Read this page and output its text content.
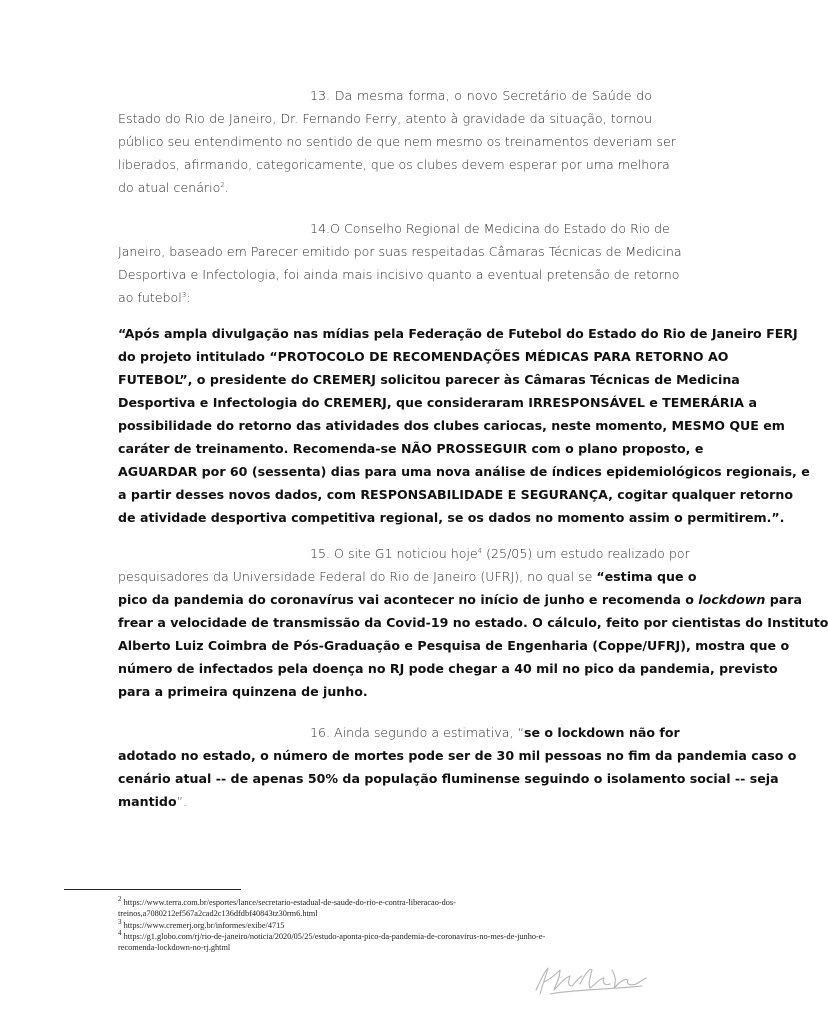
13. Da mesma forma, o novo Secretário de Saúde do
Estado do Rio de Janeiro, Dr. Fernando Ferry, atento à gravidade da situação, tornou
público seu entendimento no sentido de que nem mesmo os treinamentos deveriam ser
liberados, afirmando, categoricamente, que os clubes devem esperar por uma melhora
do atual cenário$^2$.
14.O Conselho Regional de Medicina do Estado do Rio de
Janeiro, baseado em Parecer emitido por suas respeitadas Câmaras Técnicas de Medicina
Desportiva e Infectologia, foi ainda mais incisivo quanto a eventual pretensão de retorno
ao futebol$^3$:
“Após ampla divulgação nas mídias pela Federação de Futebol do Estado do Rio de Janeiro FERJ
do projeto intitulado “PROTOCOLO DE RECOMENDAÇÕES MÉDICAS PARA RETORNO AO
FUTEBOL”, o presidente do CREMERJ solicitou parecer às Câmaras Técnicas de Medicina
Desportiva e Infectologia do CREMERJ, que consideraram IRRESPONSÁVEL e TEMERÁRIA a
possibilidade do retorno das atividades dos clubes cariocas, neste momento, MESMO QUE em
caráter de treinamento. Recomenda-se NÃO PROSSEGUIR com o plano proposto, e
AGUARDAR por 60 (sessenta) dias para uma nova análise de índices epidemiológicos regionais, e
a partir desses novos dados, com RESPONSABILIDADE E SEGURANÇA, cogitar qualquer retorno
de atividade desportiva competitiva regional, se os dados no momento assim o permitirem.”.
15. O site G1 noticiou hoje$^4$ (25/05) um estudo realizado por
pesquisadores da Universidade Federal do Rio de Janeiro (UFRJ), no qual se “estima que o
pico da pandemia do coronavírus vai acontecer no início de junho e recomenda o lockdown para
frear a velocidade de transmissão da Covid-19 no estado. O cálculo, feito por cientistas do Instituto
Alberto Luiz Coimbra de Pós-Graduação e Pesquisa de Engenharia (Coppe/UFRJ), mostra que o
número de infectados pela doença no RJ pode chegar a 40 mil no pico da pandemia, previsto
para a primeira quinzena de junho.
16. Ainda segundo a estimativa, “se o lockdown não for
adotado no estado, o número de mortes pode ser de 30 mil pessoas no fim da pandemia caso o
cenário atual -- de apenas 50% da população fluminense seguindo o isolamento social -- seja
mantido”.
$^2$ https://www.terra.com.br/esportes/lance/secretario-estadual-de-saude-do-rio-e-contra-liberacao-dos-
treinos,a7080212ef567a2cad2c136dfdbf40843tz30rm6.html
$^3$ https://www.cremerj.org.br/informes/exibe/4715
$^4$ https://g1.globo.com/rj/rio-de-janeiro/noticia/2020/05/25/estudo-aponta-pico-da-pandemia-de-coronavirus-no-mes-de-junho-e-
recomenda-lockdown-no-rj.ghtml
